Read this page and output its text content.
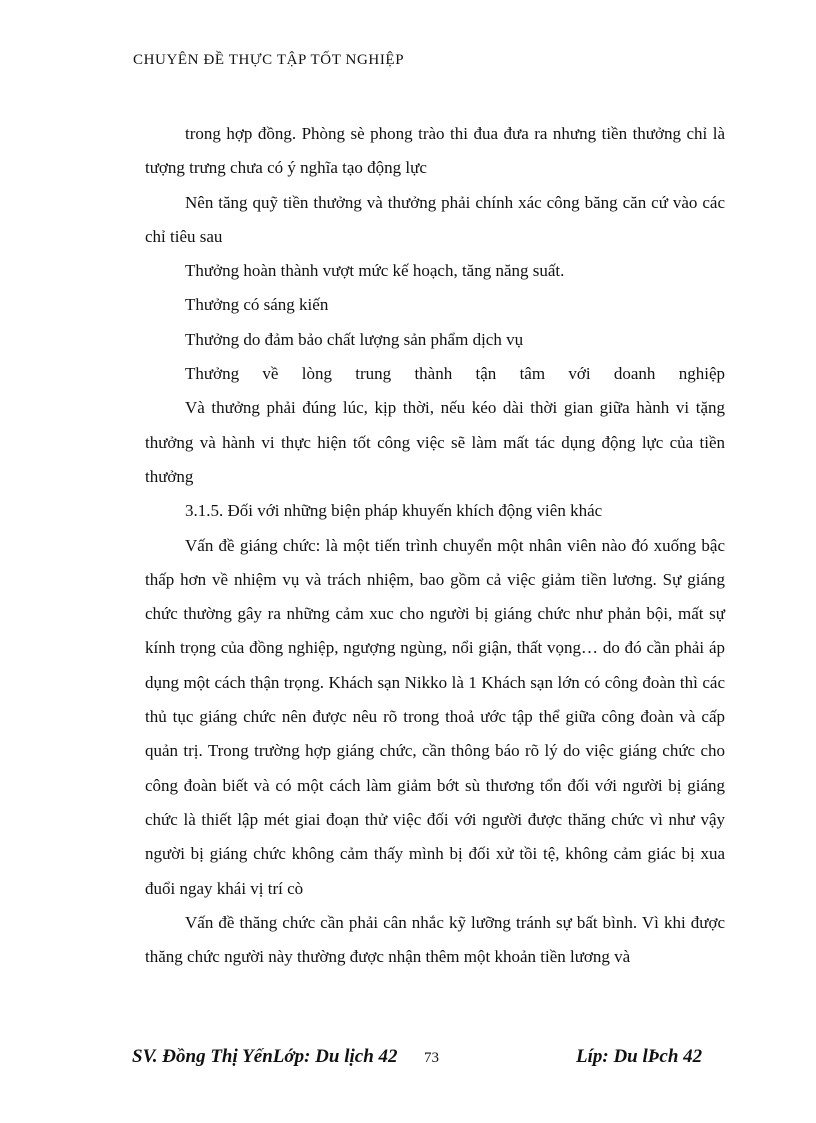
CHUYÊN ĐỀ THỰC TẬP TỐT NGHIỆP

trong hợp đồng. Phòng sè phong trào thi đua đưa ra nhưng tiền thưởng chỉ là tượng trưng chưa có ý nghĩa tạo động lực

Nên tăng quỹ tiền thưởng và thưởng phải chính xác công băng căn cứ vào các chỉ tiêu sau

Thưởng hoàn thành vượt mức kế hoạch, tăng năng suất.

Thưởng có sáng kiến

Thưởng do đảm bảo chất lượng sản phẩm dịch vụ

Thưởng về lòng trung thành tận tâm với doanh nghiệp

Và thưởng phải đúng lúc, kịp thời, nếu kéo dài thời gian giữa hành vi tặng thưởng và hành vi thực hiện tốt công việc sẽ làm mất tác dụng động lực của tiền thưởng

3.1.5. Đối với những biện pháp khuyến khích động viên khác

Vấn đề giáng chức: là một tiến trình chuyển một nhân viên nào đó xuống bậc thấp hơn về nhiệm vụ và trách nhiệm, bao gồm cả việc giảm tiền lương. Sự giáng chức thường gây ra những cảm xuc cho người bị giáng chức như phản bội, mất sự kính trọng của đồng nghiệp, ngượng ngùng, nổi giận, thất vọng… do đó cần phải áp dụng một cách thận trọng. Khách sạn Nikko là 1 Khách sạn lớn có công đoàn thì các thủ tục giáng chức nên được nêu rõ trong thoả ước tập thể giữa công đoàn và cấp quản trị. Trong trường hợp giáng chức, cần thông báo rõ lý do việc giáng chức cho công đoàn biết và có một cách làm giảm bớt sù thương tổn đối với người bị giáng chức là thiết lập mét giai đoạn thử việc đối với người được thăng chức vì như vậy người bị giáng chức không cảm thấy mình bị đối xử tồi tệ, không cảm giác bị xua đuổi ngay khái vị trí cò

Vấn đề thăng chức cần phải cân nhắc kỹ lưỡng tránh sự bất bình. Vì khi được thăng chức người này thường được nhận thêm một khoản tiền lương và

SV. Đồng Thị YếnLớp: Du lịch 42 73	Líp: Du lÞch 42
